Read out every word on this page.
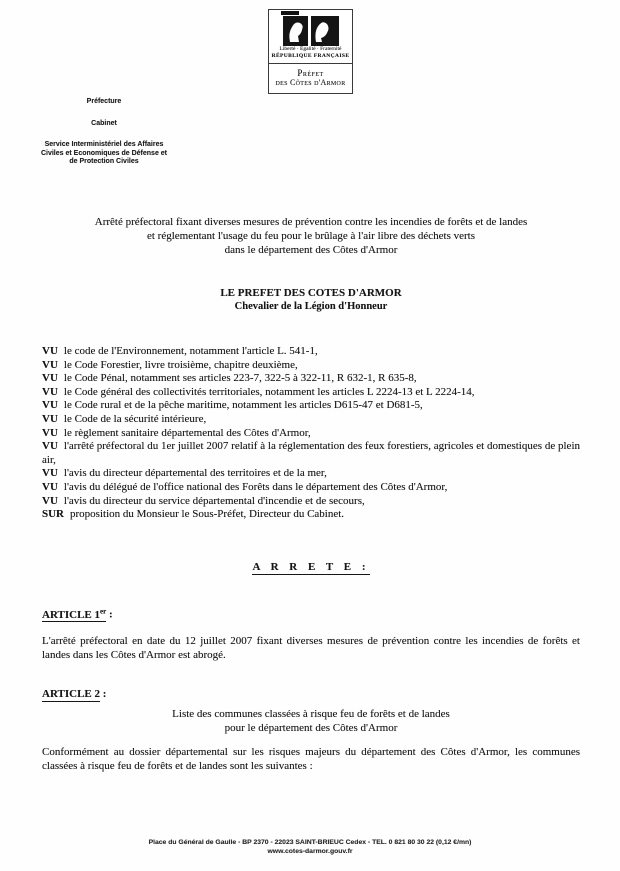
Liberté · Égalité · Fraternité
RÉPUBLIQUE FRANÇAISE
Préfet
des Côtes d'Armor
Préfecture
Cabinet
Service Interministériel des Affaires Civiles et Economiques de Défense et de Protection Civiles
Arrêté préfectoral fixant diverses mesures de prévention contre les incendies de forêts et de landes
et réglementant l'usage du feu pour le brûlage à l'air libre des déchets verts
dans le département des Côtes d'Armor
LE PREFET DES COTES D'ARMOR
Chevalier de la Légion d'Honneur

VU le code de l'Environnement, notamment l'article L. 541-1,

VU le Code Forestier, livre troisième, chapitre deuxième,

VU le Code Pénal, notamment ses articles 223-7, 322-5 à 322-11, R 632-1, R 635-8,

VU le Code général des collectivités territoriales, notamment les articles L 2224-13 et L 2224-14,

VU le Code rural et de la pêche maritime, notamment les articles D615-47 et D681-5,

VU le Code de la sécurité intérieure,

VU le règlement sanitaire départemental des Côtes d'Armor,

VU l'arrêté préfectoral du 1er juillet 2007 relatif à la réglementation des feux forestiers, agricoles et domestiques de plein air,

VU l'avis du directeur départemental des territoires et de la mer,

VU l'avis du délégué de l'office national des Forêts dans le département des Côtes d'Armor,

VU l'avis du directeur du service départemental d'incendie et de secours,

SUR proposition du Monsieur le Sous-Préfet, Directeur du Cabinet.

A R R E T E :
ARTICLE 1er :
L'arrêté préfectoral en date du 12 juillet 2007 fixant diverses mesures de prévention contre les incendies de forêts et landes dans les Côtes d'Armor est abrogé.
ARTICLE 2 :
Liste des communes classées à risque feu de forêts et de landes
pour le département des Côtes d'Armor
Conformément au dossier départemental sur les risques majeurs du département des Côtes d'Armor, les communes classées à risque feu de forêts et de landes sont les suivantes :
Place du Général de Gaulle - BP 2370 - 22023 SAINT-BRIEUC Cedex - TEL. 0 821 80 30 22 (0,12 €/mn)
www.cotes-darmor.gouv.fr
